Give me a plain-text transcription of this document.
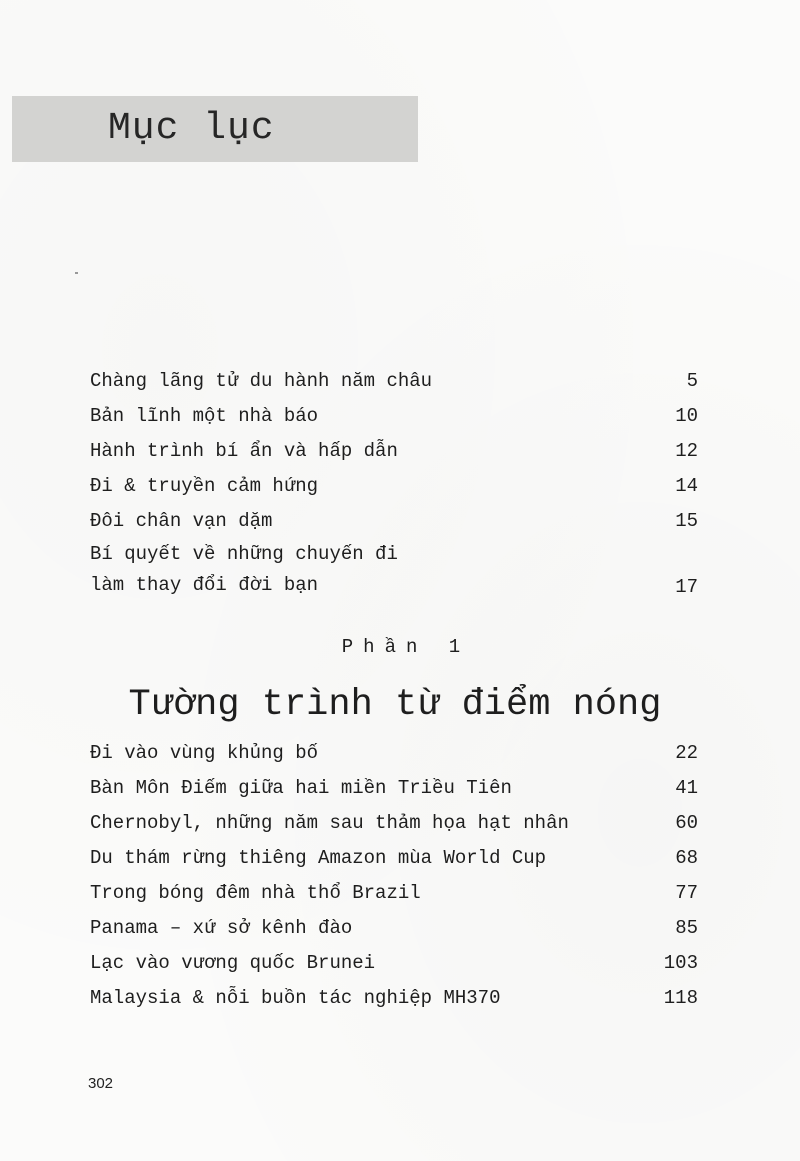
Mục lục
Chàng lãng tử du hành năm châu	5
Bản lĩnh một nhà báo	10
Hành trình bí ẩn và hấp dẫn	12
Đi & truyền cảm hứng	14
Đôi chân vạn dặm	15
Bí quyết về những chuyến đi
làm thay đổi đời bạn	17
Phần 1
Tường trình từ điểm nóng
Đi vào vùng khủng bố	22
Bàn Môn Điếm giữa hai miền Triều Tiên	41
Chernobyl, những năm sau thảm họa hạt nhân	60
Du thám rừng thiêng Amazon mùa World Cup	68
Trong bóng đêm nhà thổ Brazil	77
Panama – xứ sở kênh đào	85
Lạc vào vương quốc Brunei	103
Malaysia & nỗi buồn tác nghiệp MH370	118
302
